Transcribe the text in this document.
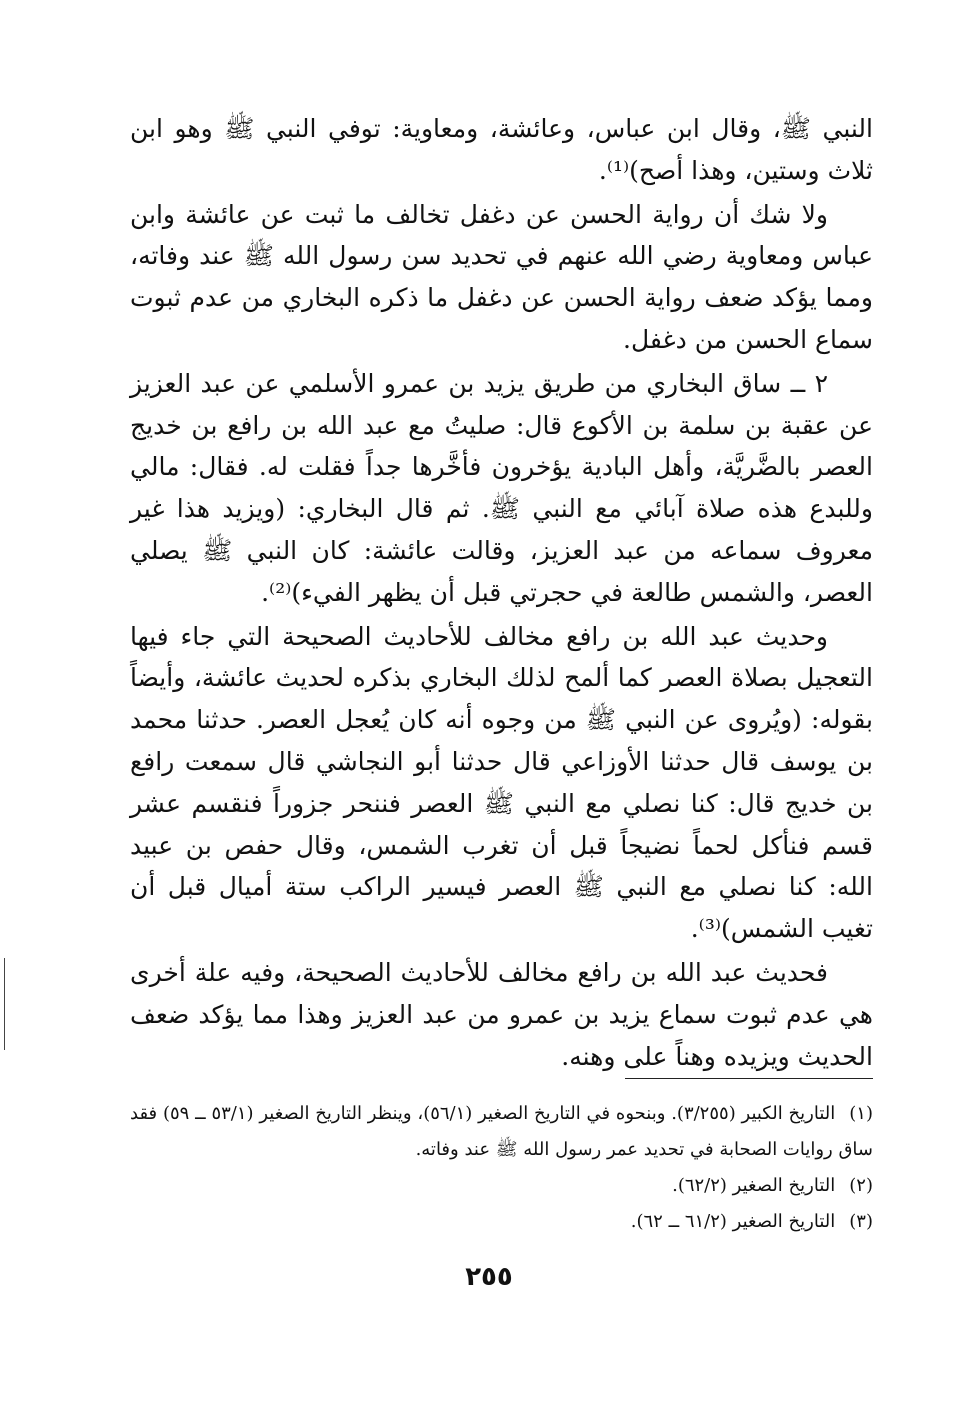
النبي ﷺ، وقال ابن عباس، وعائشة، ومعاوية: توفي النبي ﷺ وهو ابن ثلاث وستين، وهذا أصح)⁽¹⁾.

ولا شك أن رواية الحسن عن دغفل تخالف ما ثبت عن عائشة وابن عباس ومعاوية رضي الله عنهم في تحديد سن رسول الله ﷺ عند وفاته، ومما يؤكد ضعف رواية الحسن عن دغفل ما ذكره البخاري من عدم ثبوت سماع الحسن من دغفل.

٢ ــ ساق البخاري من طريق يزيد بن عمرو الأسلمي عن عبد العزيز عن عقبة بن سلمة بن الأكوع قال: صليتُ مع عبد الله بن رافع بن خديج العصر بالضَّريَّة، وأهل البادية يؤخرون فأخَّرها جداً فقلت له. فقال: مالي وللبدع هذه صلاة آبائي مع النبي ﷺ. ثم قال البخاري: (ويزيد هذا غير معروف سماعه من عبد العزيز، وقالت عائشة: كان النبي ﷺ يصلي العصر، والشمس طالعة في حجرتي قبل أن يظهر الفيء)⁽²⁾.

وحديث عبد الله بن رافع مخالف للأحاديث الصحيحة التي جاء فيها التعجيل بصلاة العصر كما ألمح لذلك البخاري بذكره لحديث عائشة، وأيضاً بقوله: (ويُروى عن النبي ﷺ من وجوه أنه كان يُعجل العصر. حدثنا محمد بن يوسف قال حدثنا الأوزاعي قال حدثنا أبو النجاشي قال سمعت رافع بن خديج قال: كنا نصلي مع النبي ﷺ العصر فننحر جزوراً فنقسم عشر قسم فنأكل لحماً نضيجاً قبل أن تغرب الشمس، وقال حفص بن عبيد الله: كنا نصلي مع النبي ﷺ العصر فيسير الراكب ستة أميال قبل أن تغيب الشمس)⁽³⁾.

فحديث عبد الله بن رافع مخالف للأحاديث الصحيحة، وفيه علة أخرى هي عدم ثبوت سماع يزيد بن عمرو من عبد العزيز وهذا مما يؤكد ضعف الحديث ويزيده وهناً على وهنه.

(١)التاريخ الكبير (٣/٢٥٥). وبنحوه في التاريخ الصغير (٥٦/١)، وينظر التاريخ الصغير (٥٣/١ ــ ٥٩) فقد ساق روايات الصحابة في تحديد عمر رسول الله ﷺ عند وفاته.

(٢)التاريخ الصغير (٦٢/٢).

(٣)التاريخ الصغير (٦١/٢ ــ ٦٢).

٢٥٥
